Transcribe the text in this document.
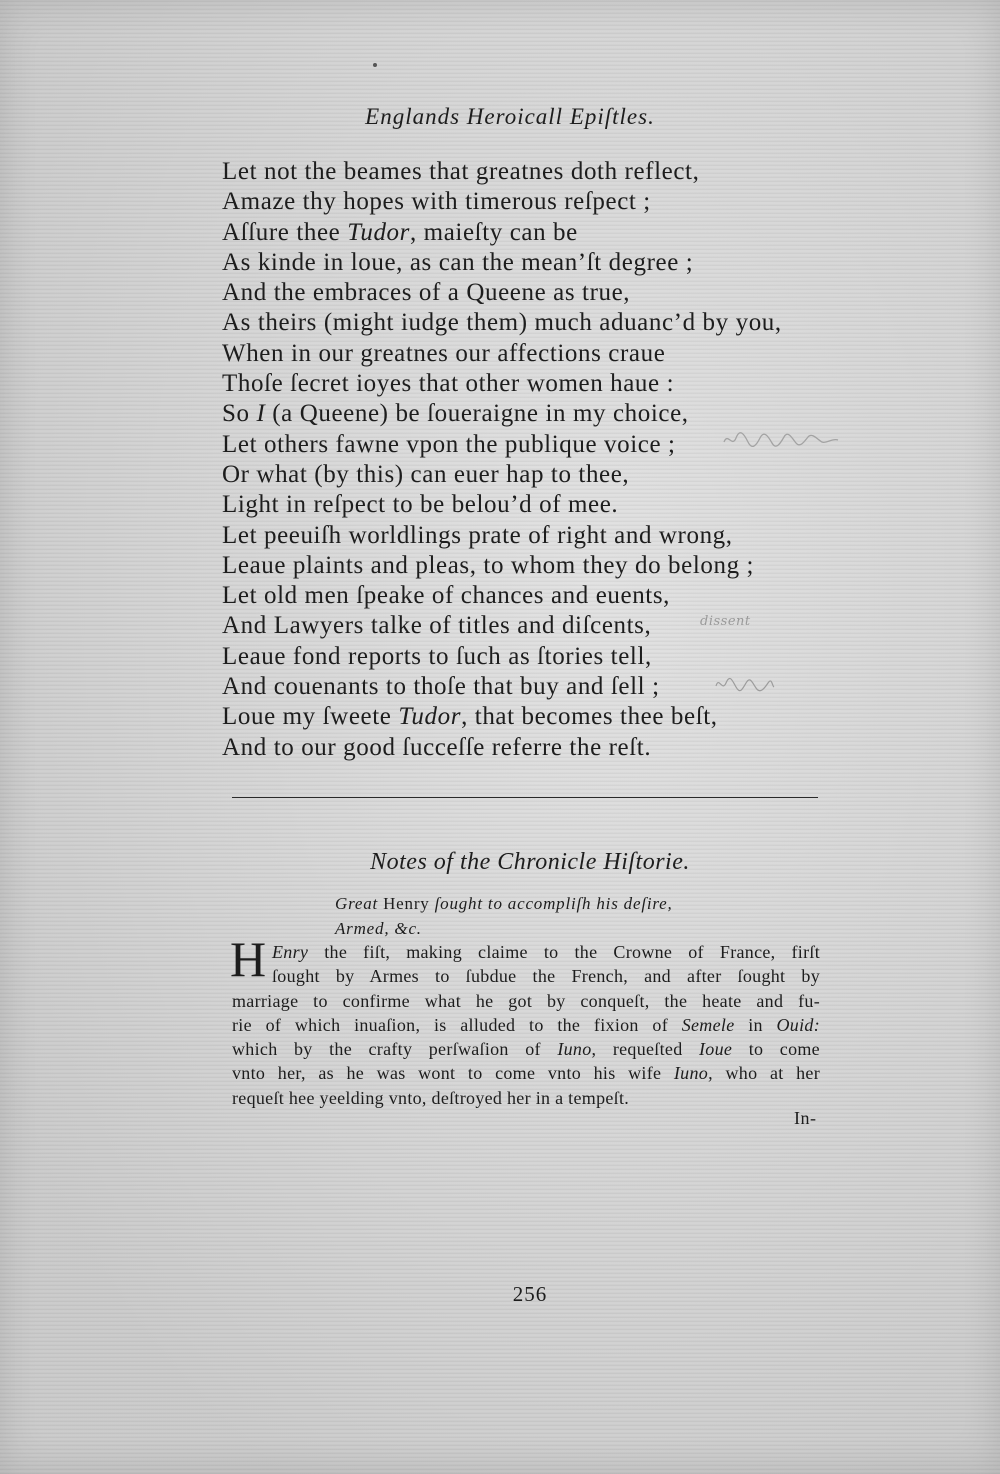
Englands Heroicall Epiſtles.
Let not the beames that greatnes doth reflect,
Amaze thy hopes with timerous reſpect ;
Aſſure thee Tudor, maieſty can be
As kinde in loue, as can the mean’ſt degree ;
And the embraces of a Queene as true,
As theirs (might iudge them) much aduanc’d by you,
When in our greatnes our affections craue
Thoſe ſecret ioyes that other women haue :
So I (a Queene) be ſoueraigne in my choice,
Let others fawne vpon the publique voice ;
Or what (by this) can euer hap to thee,
Light in reſpect to be belou’d of mee.
Let peeuiſh worldlings prate of right and wrong,
Leaue plaints and pleas, to whom they do belong ;
Let old men ſpeake of chances and euents,
And Lawyers talke of titles and diſcents,
Leaue fond reports to ſuch as ſtories tell,
And couenants to thoſe that buy and ſell ;
Loue my ſweete Tudor, that becomes thee beſt,
And to our good ſucceſſe referre the reſt.
dissent
Notes of the Chronicle Hiſtorie.
Great Henry ſought to accompliſh his deſire,
Armed, &c.
H Enry the fiſt, making claime to the Crowne of France, firſt
ſought by Armes to ſubdue the French, and after ſought by
marriage to confirme what he got by conqueſt, the heate and fu-
rie of which inuaſion, is alluded to the fixion of Semele in Ouid:
which by the crafty perſwaſion of Iuno, requeſted Ioue to come
vnto her, as he was wont to come vnto his wife Iuno, who at her
requeſt hee yeelding vnto, deſtroyed her in a tempeſt.
In-
256
